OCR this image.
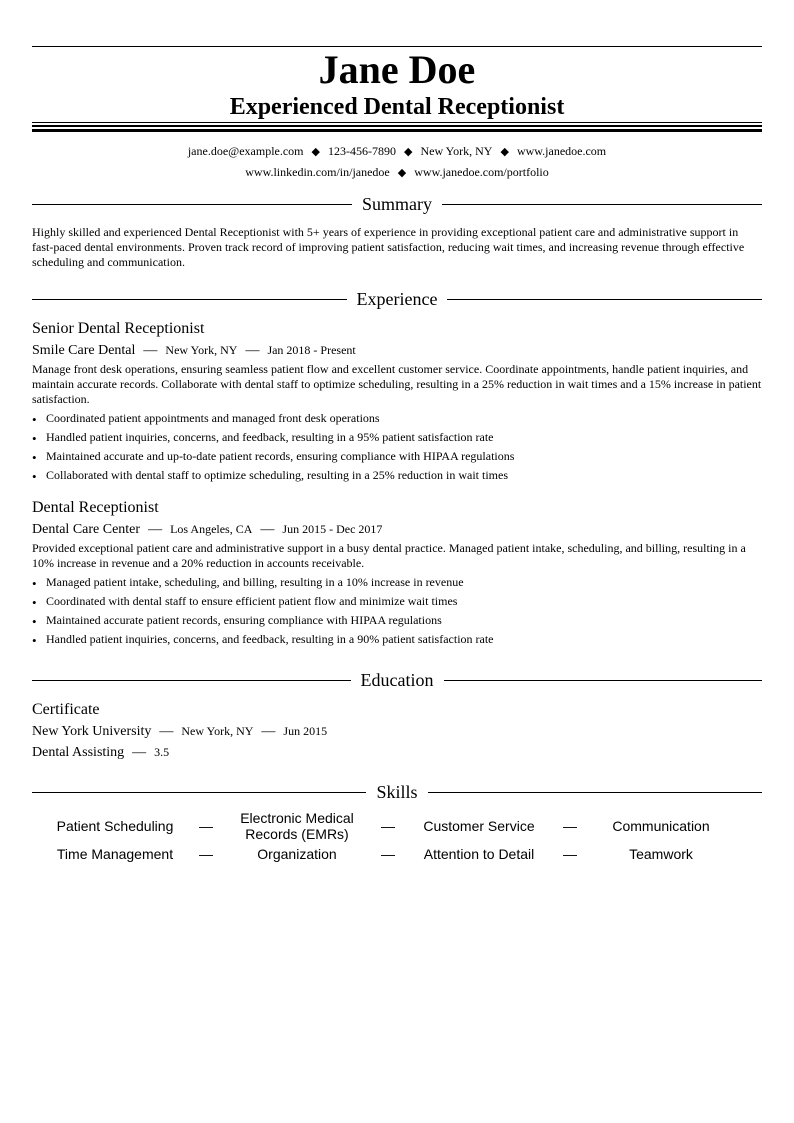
Jane Doe
Experienced Dental Receptionist
jane.doe@example.com ◆ 123-456-7890 ◆ New York, NY ◆ www.janedoe.com
www.linkedin.com/in/janedoe ◆ www.janedoe.com/portfolio
Summary
Highly skilled and experienced Dental Receptionist with 5+ years of experience in providing exceptional patient care and administrative support in fast-paced dental environments. Proven track record of improving patient satisfaction, reducing wait times, and increasing revenue through effective scheduling and communication.
Experience
Senior Dental Receptionist
Smile Care Dental — New York, NY — Jan 2018 - Present
Manage front desk operations, ensuring seamless patient flow and excellent customer service. Coordinate appointments, handle patient inquiries, and maintain accurate records. Collaborate with dental staff to optimize scheduling, resulting in a 25% reduction in wait times and a 15% increase in patient satisfaction.
• Coordinated patient appointments and managed front desk operations
• Handled patient inquiries, concerns, and feedback, resulting in a 95% patient satisfaction rate
• Maintained accurate and up-to-date patient records, ensuring compliance with HIPAA regulations
• Collaborated with dental staff to optimize scheduling, resulting in a 25% reduction in wait times
Dental Receptionist
Dental Care Center — Los Angeles, CA — Jun 2015 - Dec 2017
Provided exceptional patient care and administrative support in a busy dental practice. Managed patient intake, scheduling, and billing, resulting in a 10% increase in revenue and a 20% reduction in accounts receivable.
• Managed patient intake, scheduling, and billing, resulting in a 10% increase in revenue
• Coordinated with dental staff to ensure efficient patient flow and minimize wait times
• Maintained accurate patient records, ensuring compliance with HIPAA regulations
• Handled patient inquiries, concerns, and feedback, resulting in a 90% patient satisfaction rate
Education
Certificate
New York University — New York, NY — Jun 2015
Dental Assisting — 3.5
Skills
Patient Scheduling	—	Electronic Medical Records (EMRs)	—	Customer Service	—	Communication
Time Management	—	Organization	—	Attention to Detail	—	Teamwork
